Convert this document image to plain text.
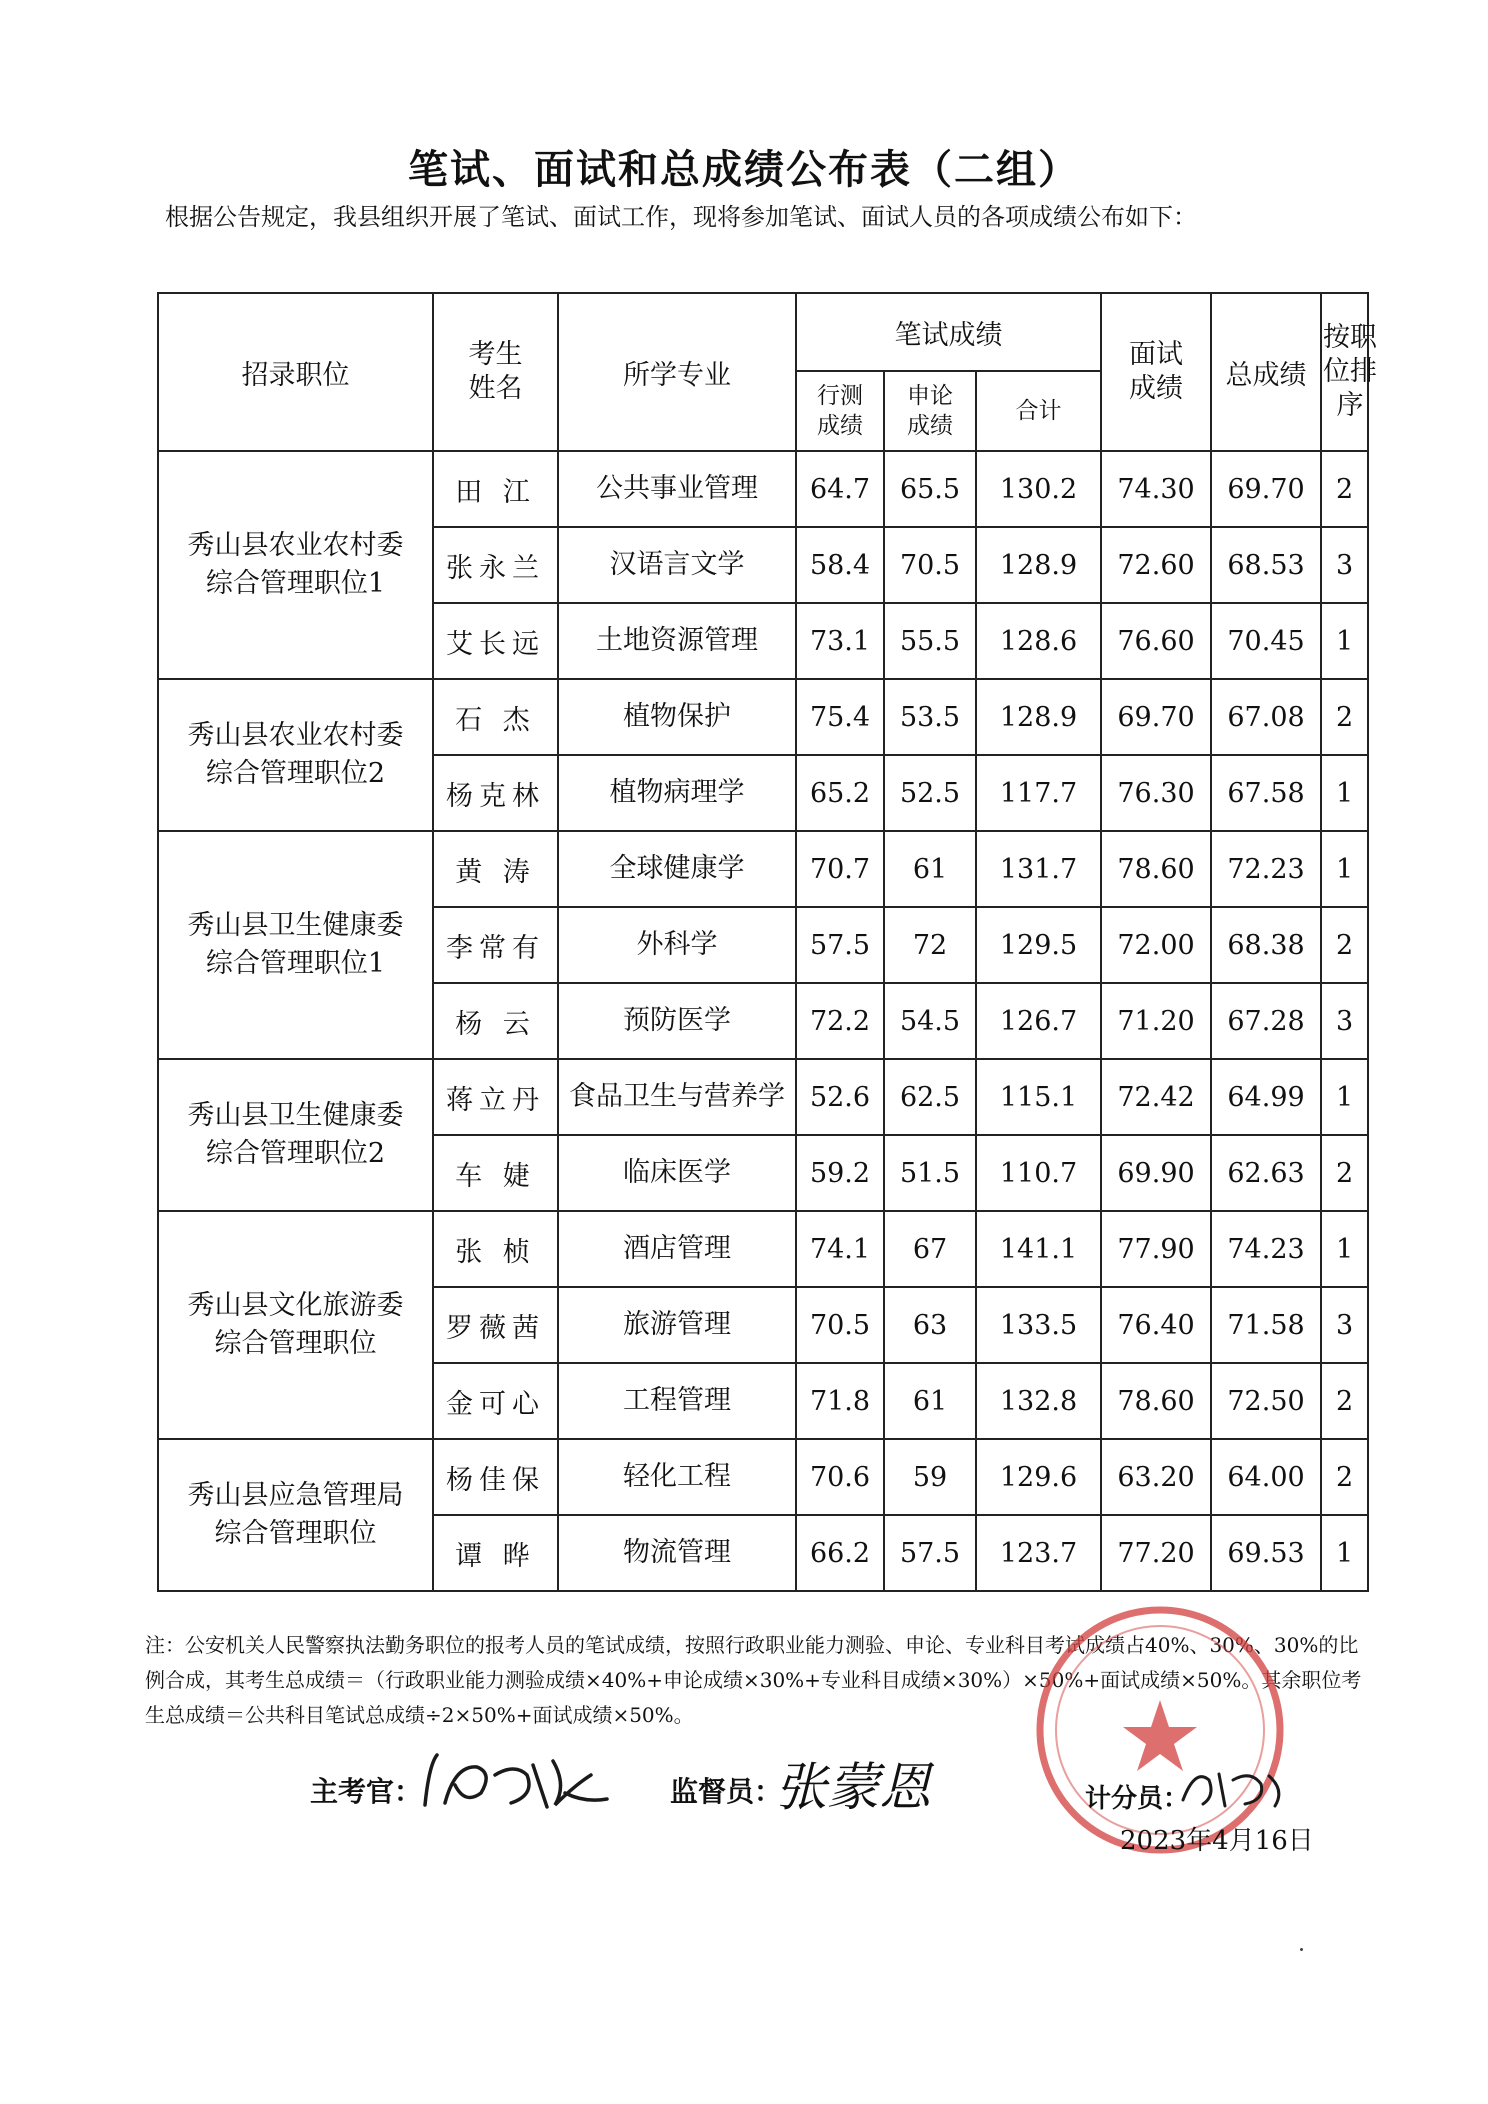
笔试、面试和总成绩公布表（二组）
根据公告规定，我县组织开展了笔试、面试工作，现将参加笔试、面试人员的各项成绩公布如下：
招录职位	考生姓名	所学专业	笔试成绩			面试成绩	总成绩	按职位排序

			行测成绩	申论成绩	合计			

秀山县农业农村委综合管理职位1	田 江	公共事业管理	64.7	65.5	130.2	74.30	69.70	2
	张永兰	汉语言文学	58.4	70.5	128.9	72.60	68.53	3
	艾长远	土地资源管理	73.1	55.5	128.6	76.60	70.45	1

秀山县农业农村委综合管理职位2	石 杰	植物保护	75.4	53.5	128.9	69.70	67.08	2
	杨克林	植物病理学	65.2	52.5	117.7	76.30	67.58	1

秀山县卫生健康委综合管理职位1	黄 涛	全球健康学	70.7	61	131.7	78.60	72.23	1
	李常有	外科学	57.5	72	129.5	72.00	68.38	2
	杨 云	预防医学	72.2	54.5	126.7	71.20	67.28	3

秀山县卫生健康委综合管理职位2	蒋立丹	食品卫生与营养学	52.6	62.5	115.1	72.42	64.99	1
	车 婕	临床医学	59.2	51.5	110.7	69.90	62.63	2

秀山县文化旅游委综合管理职位	张 桢	酒店管理	74.1	67	141.1	77.90	74.23	1
	罗薇茜	旅游管理	70.5	63	133.5	76.40	71.58	3
	金可心	工程管理	71.8	61	132.8	78.60	72.50	2

秀山县应急管理局综合管理职位	杨佳保	轻化工程	70.6	59	129.6	63.20	64.00	2
	谭 晔	物流管理	66.2	57.5	123.7	77.20	69.53	1
注：公安机关人民警察执法勤务职位的报考人员的笔试成绩，按照行政职业能力测验、申论、专业科目考试成绩占40%、30%、30%的比例合成，其考生总成绩＝（行政职业能力测验成绩×40%+申论成绩×30%+专业科目成绩×30%）×50%+面试成绩×50%。其余职位考生总成绩＝公共科目笔试总成绩÷2×50%+面试成绩×50%。
主考官：	监督员：
张蒙恩	计分员：
2023年4月16日
